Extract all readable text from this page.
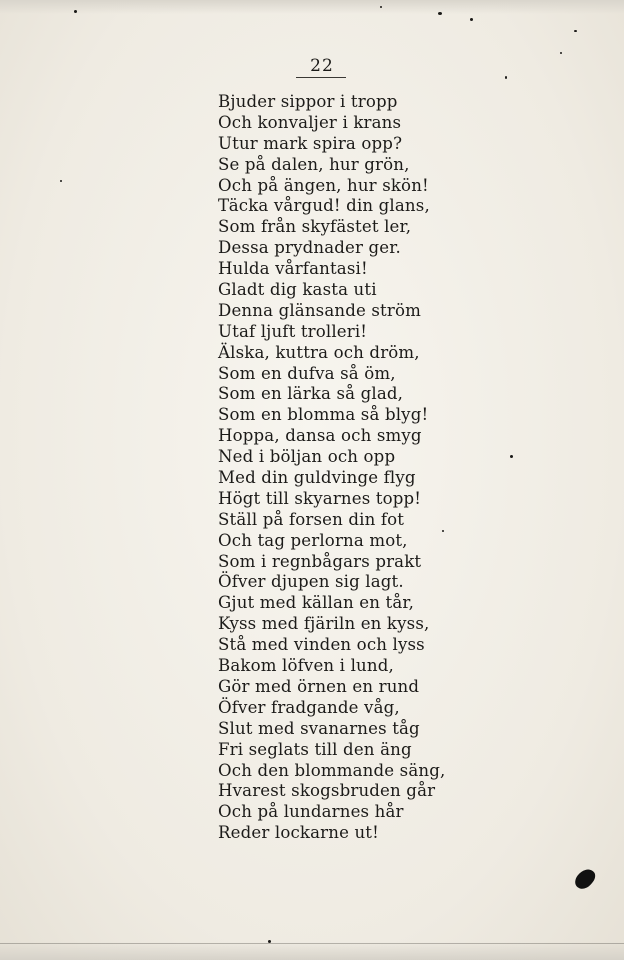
22
Bjuder sippor i tropp
Och konvaljer i krans
Utur mark spira opp?
Se på dalen, hur grön,
Och på ängen, hur skön!
Täcka vårgud! din glans,
Som från skyfästet ler,
Dessa prydnader ger.
Hulda vårfantasi!
Gladt dig kasta uti
Denna glänsande ström
Utaf ljuft trolleri!
Älska, kuttra och dröm,
Som en dufva så öm,
Som en lärka så glad,
Som en blomma så blyg!
Hoppa, dansa och smyg
Ned i böljan och opp
Med din guldvinge flyg
Högt till skyarnes topp!
Ställ på forsen din fot
Och tag perlorna mot,
Som i regnbågars prakt
Öfver djupen sig lagt.
Gjut med källan en tår,
Kyss med fjäriln en kyss,
Stå med vinden och lyss
Bakom löfven i lund,
Gör med örnen en rund
Öfver fradgande våg,
Slut med svanarnes tåg
Fri seglats till den äng
Och den blommande säng,
Hvarest skogsbruden går
Och på lundarnes hår
Reder lockarne ut!
